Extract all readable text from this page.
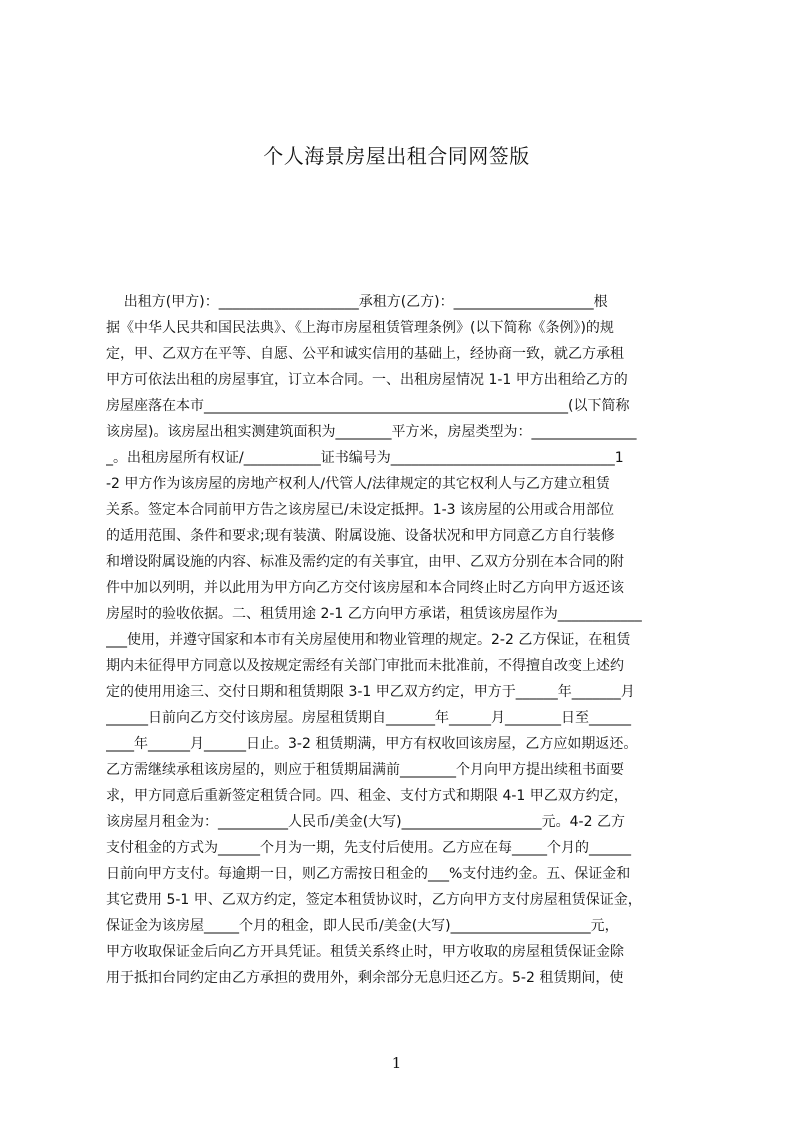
个人海景房屋出租合同网签版
出租方(甲方)：____________________承租方(乙方)：____________________根
据《中华人民共和国民法典》、《上海市房屋租赁管理条例》(以下简称《条例》)的规
定，甲、乙双方在平等、自愿、公平和诚实信用的基础上，经协商一致，就乙方承租
甲方可依法出租的房屋事宜，订立本合同。一、出租房屋情况 1-1 甲方出租给乙方的
房屋座落在本市____________________________________________________(以下简称
该房屋)。该房屋出租实测建筑面积为________平方米，房屋类型为：_______________
_。出租房屋所有权证/___________证书编号为________________________________1
-2 甲方作为该房屋的房地产权利人/代管人/法律规定的其它权利人与乙方建立租赁
关系。签定本合同前甲方告之该房屋已/未设定抵押。1-3 该房屋的公用或合用部位
的适用范围、条件和要求;现有装潢、附属设施、设备状况和甲方同意乙方自行装修
和增设附属设施的内容、标准及需约定的有关事宜，由甲、乙双方分别在本合同的附
件中加以列明，并以此用为甲方向乙方交付该房屋和本合同终止时乙方向甲方返还该
房屋时的验收依据。二、租赁用途 2-1 乙方向甲方承诺，租赁该房屋作为____________
___使用，并遵守国家和本市有关房屋使用和物业管理的规定。2-2 乙方保证，在租赁
期内未征得甲方同意以及按规定需经有关部门审批而未批准前，不得擅自改变上述约
定的使用用途三、交付日期和租赁期限 3-1 甲乙双方约定，甲方于______年_______月
______日前向乙方交付该房屋。房屋租赁期自_______年______月________日至______
____年______月______日止。3-2 租赁期满，甲方有权收回该房屋，乙方应如期返还。
乙方需继续承租该房屋的，则应于租赁期届满前________个月向甲方提出续租书面要
求，甲方同意后重新签定租赁合同。四、租金、支付方式和期限 4-1 甲乙双方约定，
该房屋月租金为：__________人民币/美金(大写)____________________元。4-2 乙方
支付租金的方式为______个月为一期，先支付后使用。乙方应在每_____个月的______
日前向甲方支付。每逾期一日，则乙方需按日租金的___%支付违约金。五、保证金和
其它费用 5-1 甲、乙双方约定，签定本租赁协议时，乙方向甲方支付房屋租赁保证金，
保证金为该房屋_____个月的租金，即人民币/美金(大写)____________________元，
甲方收取保证金后向乙方开具凭证。租赁关系终止时，甲方收取的房屋租赁保证金除
用于抵扣台同约定由乙方承担的费用外，剩余部分无息归还乙方。5-2 租赁期间，使
1
